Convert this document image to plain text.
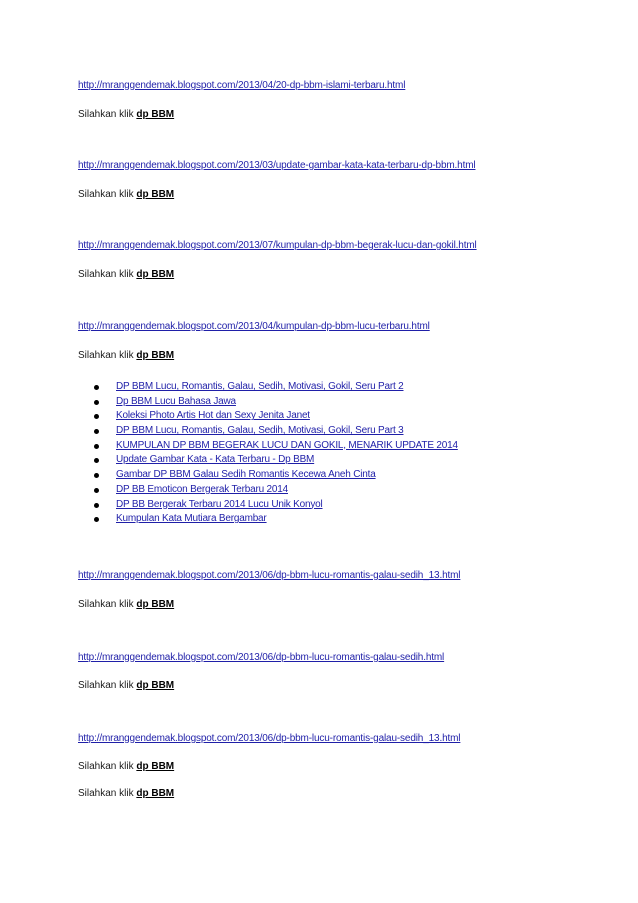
http://mranggendemak.blogspot.com/2013/04/20-dp-bbm-islami-terbaru.html
Silahkan klik dp BBM
http://mranggendemak.blogspot.com/2013/03/update-gambar-kata-kata-terbaru-dp-bbm.html
Silahkan klik dp BBM
http://mranggendemak.blogspot.com/2013/07/kumpulan-dp-bbm-begerak-lucu-dan-gokil.html
Silahkan klik dp BBM
http://mranggendemak.blogspot.com/2013/04/kumpulan-dp-bbm-lucu-terbaru.html
Silahkan klik dp BBM
DP BBM Lucu, Romantis, Galau, Sedih, Motivasi, Gokil, Seru Part 2
Dp BBM Lucu Bahasa Jawa
Koleksi Photo Artis Hot dan Sexy Jenita Janet
DP BBM Lucu, Romantis, Galau, Sedih, Motivasi, Gokil, Seru Part 3
KUMPULAN DP BBM BEGERAK LUCU DAN GOKIL, MENARIK UPDATE 2014
Update Gambar Kata - Kata Terbaru - Dp BBM
Gambar DP BBM Galau Sedih Romantis Kecewa Aneh Cinta
DP BB Emoticon Bergerak Terbaru 2014
DP BB Bergerak Terbaru 2014 Lucu Unik Konyol
Kumpulan Kata Mutiara Bergambar
http://mranggendemak.blogspot.com/2013/06/dp-bbm-lucu-romantis-galau-sedih_13.html
Silahkan klik dp BBM
http://mranggendemak.blogspot.com/2013/06/dp-bbm-lucu-romantis-galau-sedih.html
Silahkan klik dp BBM
http://mranggendemak.blogspot.com/2013/06/dp-bbm-lucu-romantis-galau-sedih_13.html
Silahkan klik dp BBM
Silahkan klik dp BBM
